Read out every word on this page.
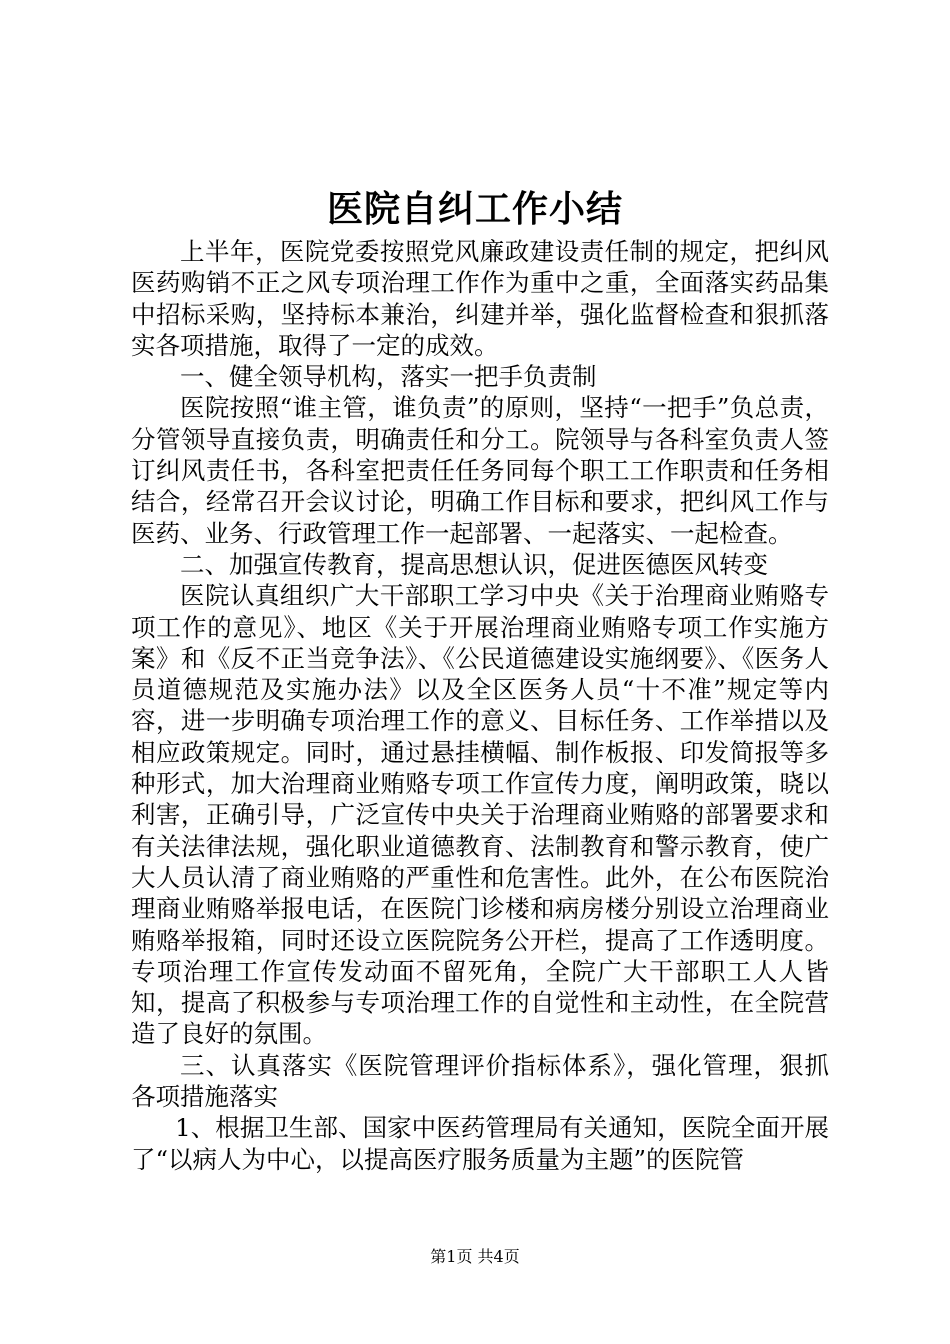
医院自纠工作小结

上半年，医院党委按照党风廉政建设责任制的规定，把纠风医药购销不正之风专项治理工作作为重中之重，全面落实药品集中招标采购，坚持标本兼治，纠建并举，强化监督检查和狠抓落实各项措施，取得了一定的成效。

一、健全领导机构，落实一把手负责制

医院按照“谁主管，谁负责”的原则，坚持“一把手”负总责，分管领导直接负责，明确责任和分工。院领导与各科室负责人签订纠风责任书，各科室把责任任务同每个职工工作职责和任务相结合，经常召开会议讨论，明确工作目标和要求，把纠风工作与医药、业务、行政管理工作一起部署、一起落实、一起检查。

二、加强宣传教育，提高思想认识，促进医德医风转变

医院认真组织广大干部职工学习中央《关于治理商业贿赂专项工作的意见》、地区《关于开展治理商业贿赂专项工作实施方案》和《反不正当竞争法》、《公民道德建设实施纲要》、《医务人员道德规范及实施办法》以及全区医务人员“十不准”规定等内容，进一步明确专项治理工作的意义、目标任务、工作举措以及相应政策规定。同时，通过悬挂横幅、制作板报、印发简报等多种形式，加大治理商业贿赂专项工作宣传力度，阐明政策，晓以利害，正确引导，广泛宣传中央关于治理商业贿赂的部署要求和有关法律法规，强化职业道德教育、法制教育和警示教育，使广大人员认清了商业贿赂的严重性和危害性。此外，在公布医院治理商业贿赂举报电话，在医院门诊楼和病房楼分别设立治理商业贿赂举报箱，同时还设立医院院务公开栏，提高了工作透明度。专项治理工作宣传发动面不留死角，全院广大干部职工人人皆知，提高了积极参与专项治理工作的自觉性和主动性，在全院营造了良好的氛围。

三、认真落实《医院管理评价指标体系》，强化管理，狠抓各项措施落实

1、根据卫生部、国家中医药管理局有关通知，医院全面开展了“以病人为中心，以提高医疗服务质量为主题”的医院管

第1页 共4页
